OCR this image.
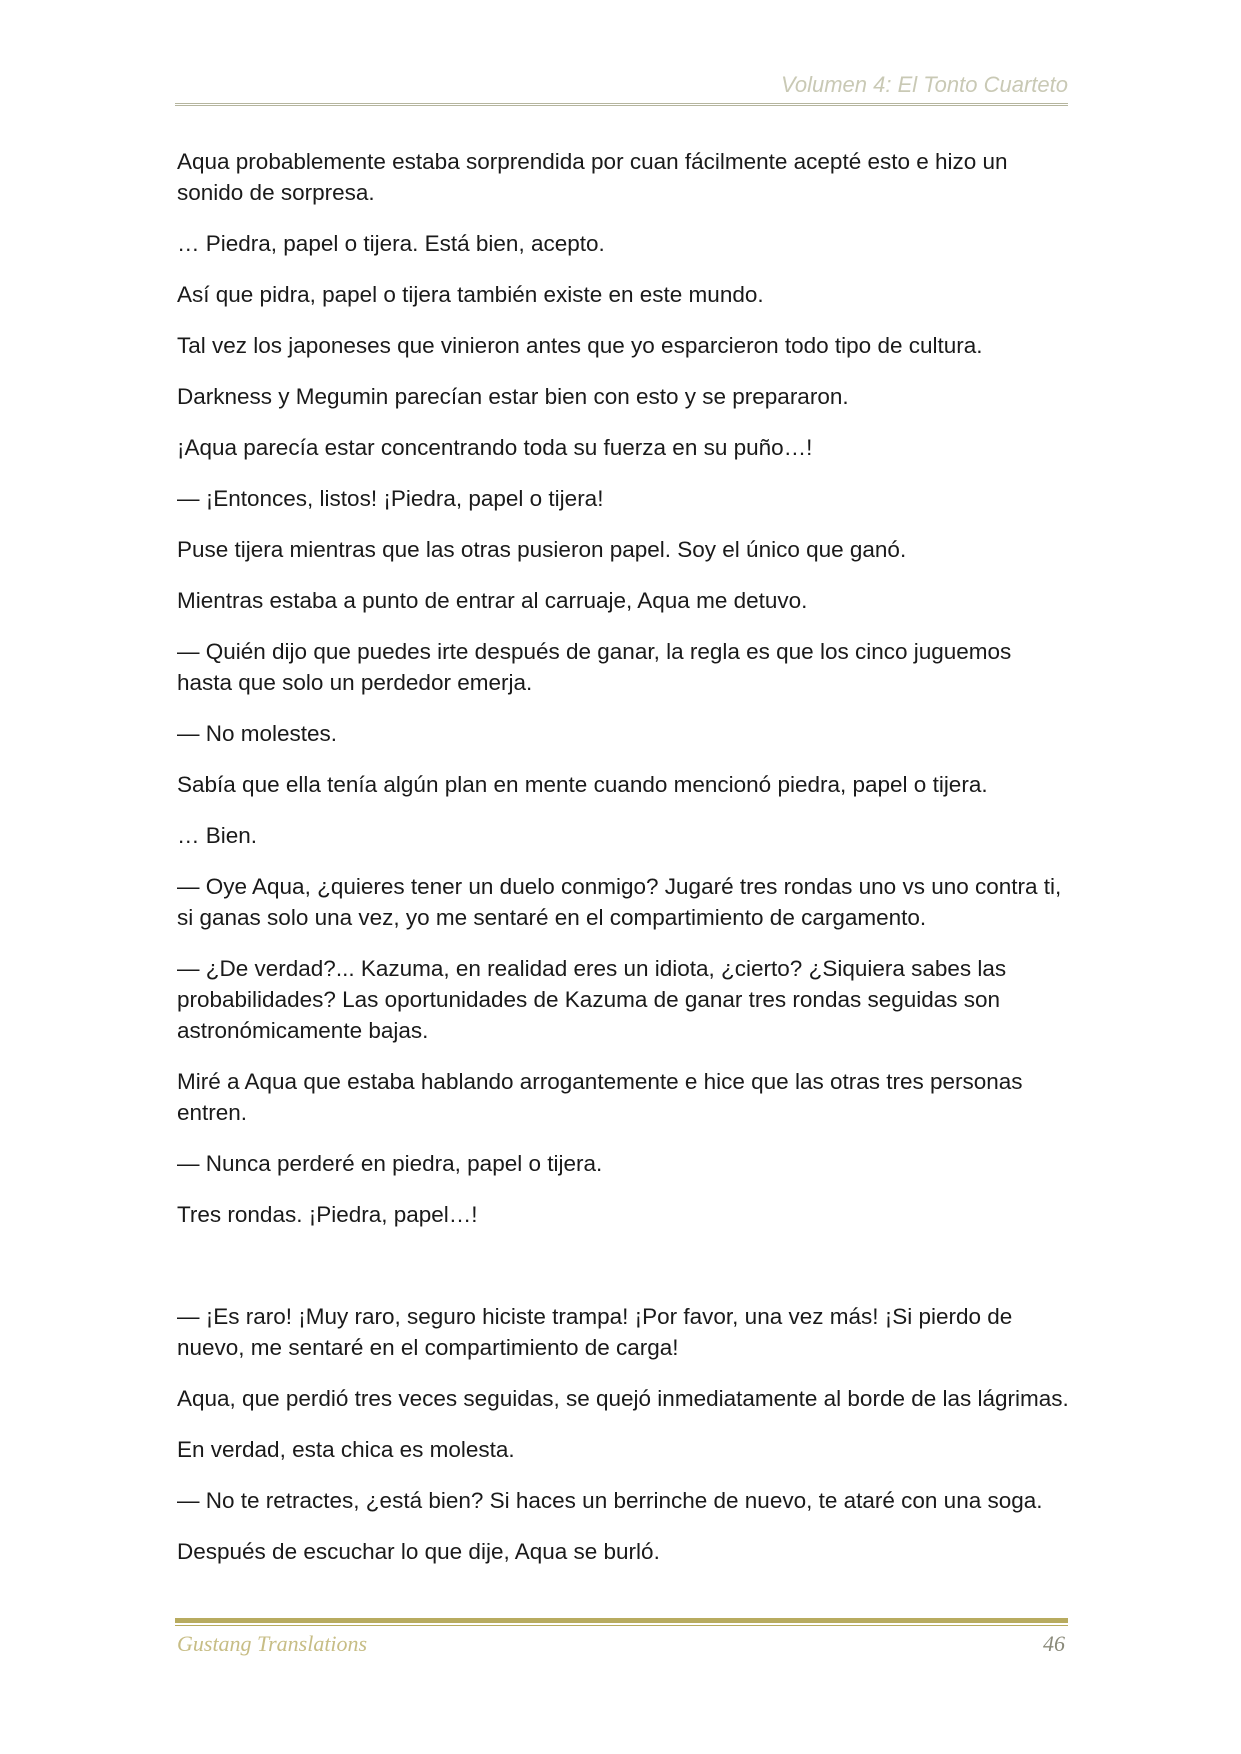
Volumen 4: El Tonto Cuarteto

Aqua probablemente estaba sorprendida por cuan fácilmente acepté esto e hizo un sonido de sorpresa.

… Piedra, papel o tijera. Está bien, acepto.

Así que pidra, papel o tijera también existe en este mundo.

Tal vez los japoneses que vinieron antes que yo esparcieron todo tipo de cultura.

Darkness y Megumin parecían estar bien con esto y se prepararon.

¡Aqua parecía estar concentrando toda su fuerza en su puño…!

— ¡Entonces, listos! ¡Piedra, papel o tijera!

Puse tijera mientras que las otras pusieron papel. Soy el único que ganó.

Mientras estaba a punto de entrar al carruaje, Aqua me detuvo.

— Quién dijo que puedes irte después de ganar, la regla es que los cinco juguemos hasta que solo un perdedor emerja.

— No molestes.

Sabía que ella tenía algún plan en mente cuando mencionó piedra, papel o tijera.

… Bien.

— Oye Aqua, ¿quieres tener un duelo conmigo? Jugaré tres rondas uno vs uno contra ti, si ganas solo una vez, yo me sentaré en el compartimiento de cargamento.

— ¿De verdad?... Kazuma, en realidad eres un idiota, ¿cierto? ¿Siquiera sabes las probabilidades? Las oportunidades de Kazuma de ganar tres rondas seguidas son astronómicamente bajas.

Miré a Aqua que estaba hablando arrogantemente e hice que las otras tres personas entren.

— Nunca perderé en piedra, papel o tijera.

Tres rondas. ¡Piedra, papel…!

— ¡Es raro! ¡Muy raro, seguro hiciste trampa! ¡Por favor, una vez más! ¡Si pierdo de nuevo, me sentaré en el compartimiento de carga!

Aqua, que perdió tres veces seguidas, se quejó inmediatamente al borde de las lágrimas.

En verdad, esta chica es molesta.

— No te retractes, ¿está bien? Si haces un berrinche de nuevo, te ataré con una soga.

Después de escuchar lo que dije, Aqua se burló.

Gustang Translations	46
